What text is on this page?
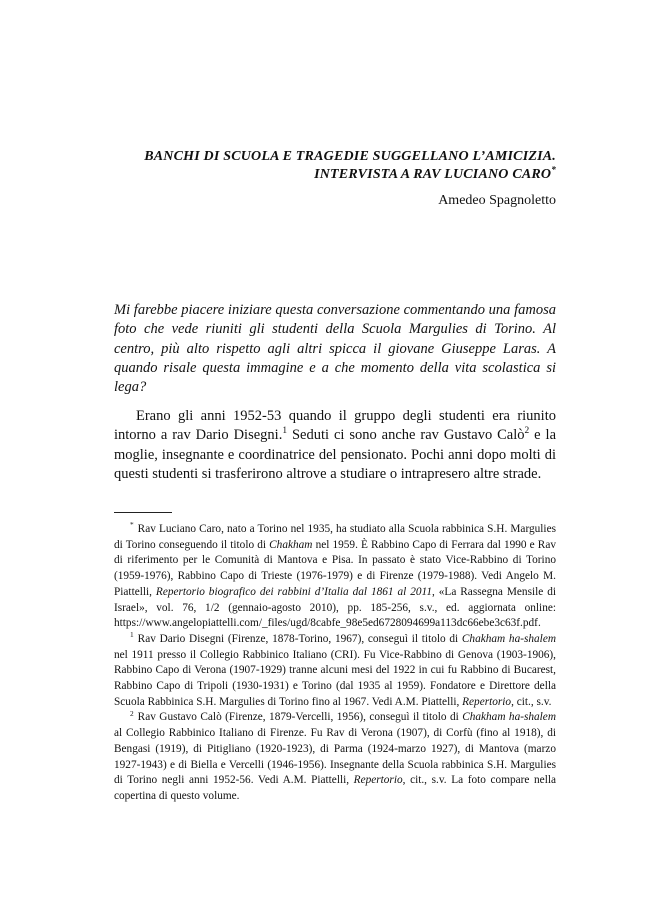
BANCHI DI SCUOLA E TRAGEDIE SUGGELLANO L’AMICIZIA.
INTERVISTA A RAV LUCIANO CARO*
Amedeo Spagnoletto

Mi farebbe piacere iniziare questa conversazione commentando una famosa foto che vede riuniti gli studenti della Scuola Margulies di Torino. Al centro, più alto rispetto agli altri spicca il giovane Giuseppe Laras. A quando risale questa immagine e a che momento della vita scolastica si lega?

Erano gli anni 1952-53 quando il gruppo degli studenti era riunito intorno a rav Dario Disegni.$^1$ Seduti ci sono anche rav Gustavo Calò$^2$ e la moglie, insegnante e coordinatrice del pensionato. Pochi anni dopo molti di questi studenti si trasferirono altrove a studiare o intrapresero altre strade.

* Rav Luciano Caro, nato a Torino nel 1935, ha studiato alla Scuola rabbinica S.H. Margulies di Torino conseguendo il titolo di Chakham nel 1959. È Rabbino Capo di Ferrara dal 1990 e Rav di riferimento per le Comunità di Mantova e Pisa. In passato è stato Vice-Rabbino di Torino (1959-1976), Rabbino Capo di Trieste (1976-1979) e di Firenze (1979-1988). Vedi Angelo M. Piattelli, Repertorio biografico dei rabbini d’Italia dal 1861 al 2011, «La Rassegna Mensile di Israel», vol. 76, 1/2 (gennaio-agosto 2010), pp. 185-256, s.v., ed. aggiornata online: https://www.angelopiattelli.com/_files/ugd/8cabfe_98e5ed6728094699a113dc66ebe3c63f.pdf.

$^1$ Rav Dario Disegni (Firenze, 1878-Torino, 1967), conseguì il titolo di Chakham ha-shalem nel 1911 presso il Collegio Rabbinico Italiano (CRI). Fu Vice-Rabbino di Genova (1903-1906), Rabbino Capo di Verona (1907-1929) tranne alcuni mesi del 1922 in cui fu Rabbino di Bucarest, Rabbino Capo di Tripoli (1930-1931) e Torino (dal 1935 al 1959). Fondatore e Direttore della Scuola Rabbinica S.H. Margulies di Torino fino al 1967. Vedi A.M. Piattelli, Repertorio, cit., s.v.

$^2$ Rav Gustavo Calò (Firenze, 1879-Vercelli, 1956), conseguì il titolo di Chakham ha-shalem al Collegio Rabbinico Italiano di Firenze. Fu Rav di Verona (1907), di Corfù (fino al 1918), di Bengasi (1919), di Pitigliano (1920-1923), di Parma (1924-marzo 1927), di Mantova (marzo 1927-1943) e di Biella e Vercelli (1946-1956). Insegnante della Scuola rabbinica S.H. Margulies di Torino negli anni 1952-56. Vedi A.M. Piattelli, Repertorio, cit., s.v. La foto compare nella copertina di questo volume.
